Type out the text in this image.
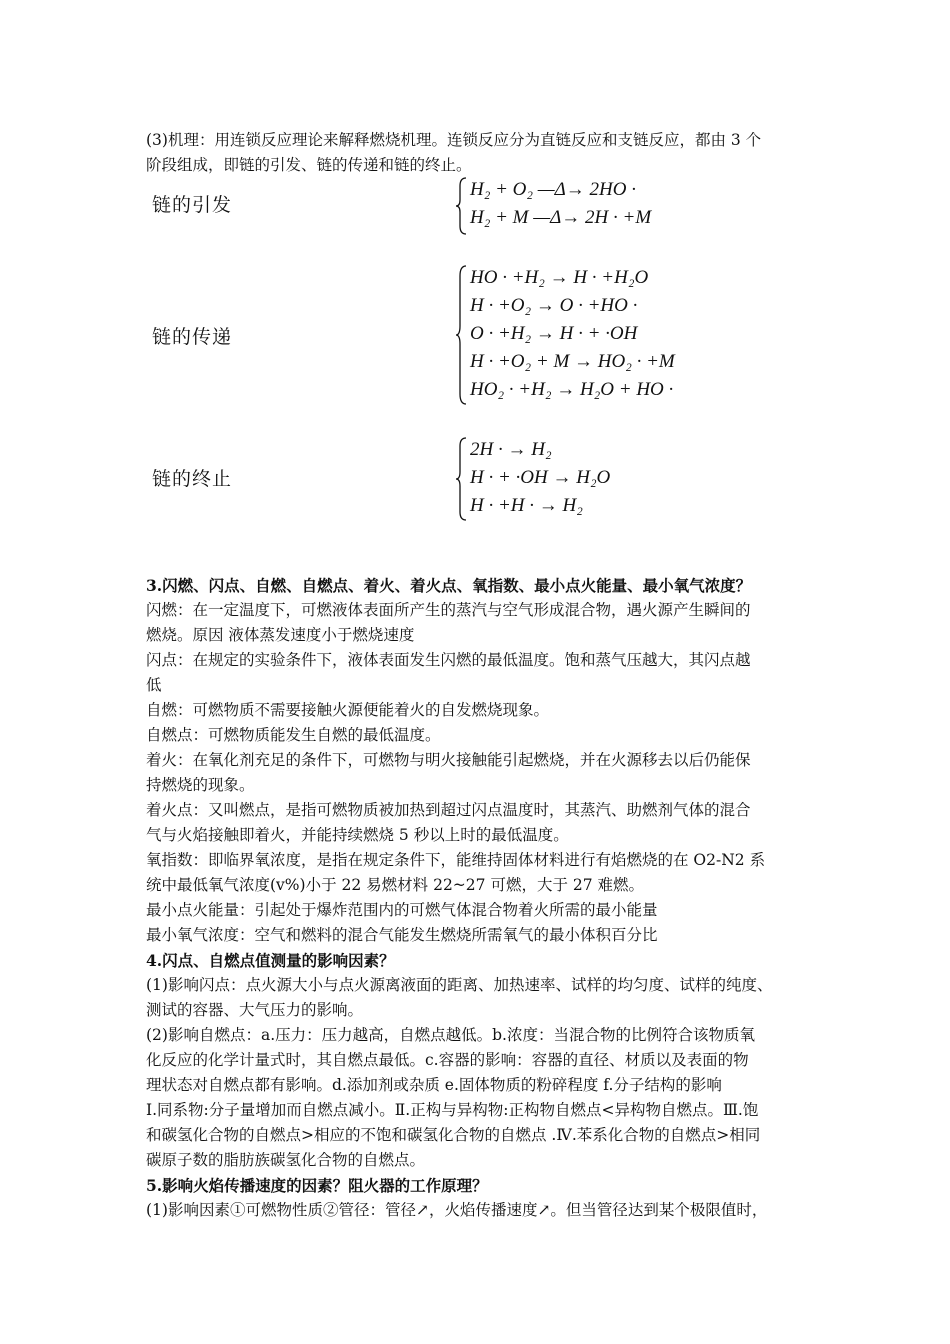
(3)机理：用连锁反应理论来解释燃烧机理。连锁反应分为直链反应和支链反应，都由 3 个
阶段组成，即链的引发、链的传递和链的终止。
链的引发
H₂ + O₂ —Δ→ 2HO ·
H₂ + M —Δ→ 2H · +M
链的传递
HO · +H₂ → H · +H₂O
H · +O₂ → O · +HO ·
O · +H₂ → H · + ·OH
H · +O₂ + M → HO₂ · +M
HO₂ · +H₂ → H₂O + HO ·
链的终止
2H · → H₂
H · + ·OH → H₂O
H · +H · → H₂
3.闪燃、闪点、自燃、自燃点、着火、着火点、氧指数、最小点火能量、最小氧气浓度？
闪燃：在一定温度下，可燃液体表面所产生的蒸汽与空气形成混合物，遇火源产生瞬间的
燃烧。原因 液体蒸发速度小于燃烧速度
闪点：在规定的实验条件下，液体表面发生闪燃的最低温度。饱和蒸气压越大，其闪点越
低
自燃：可燃物质不需要接触火源便能着火的自发燃烧现象。
自燃点：可燃物质能发生自燃的最低温度。
着火：在氧化剂充足的条件下，可燃物与明火接触能引起燃烧，并在火源移去以后仍能保
持燃烧的现象。
着火点：又叫燃点，是指可燃物质被加热到超过闪点温度时，其蒸汽、助燃剂气体的混合
气与火焰接触即着火，并能持续燃烧 5 秒以上时的最低温度。
氧指数：即临界氧浓度，是指在规定条件下，能维持固体材料进行有焰燃烧的在 O2-N2 系
统中最低氧气浓度(v%)小于 22 易燃材料 22~27 可燃，大于 27 难燃。
最小点火能量：引起处于爆炸范围内的可燃气体混合物着火所需的最小能量
最小氧气浓度：空气和燃料的混合气能发生燃烧所需氧气的最小体积百分比
4.闪点、自燃点值测量的影响因素？
(1)影响闪点：点火源大小与点火源离液面的距离、加热速率、试样的均匀度、试样的纯度、
测试的容器、大气压力的影响。
(2)影响自燃点：a.压力：压力越高，自燃点越低。b.浓度：当混合物的比例符合该物质氧
化反应的化学计量式时，其自燃点最低。c.容器的影响：容器的直径、材质以及表面的物
理状态对自燃点都有影响。d.添加剂或杂质 e.固体物质的粉碎程度 f.分子结构的影响
I.同系物:分子量增加而自燃点减小。Ⅱ.正构与异构物:正构物自燃点<异构物自燃点。Ⅲ.饱
和碳氢化合物的自燃点>相应的不饱和碳氢化合物的自燃点 .Ⅳ.苯系化合物的自燃点>相同
碳原子数的脂肪族碳氢化合物的自燃点。
5.影响火焰传播速度的因素？阻火器的工作原理？
(1)影响因素①可燃物性质②管径：管径↗，火焰传播速度↗。但当管径达到某个极限值时，
